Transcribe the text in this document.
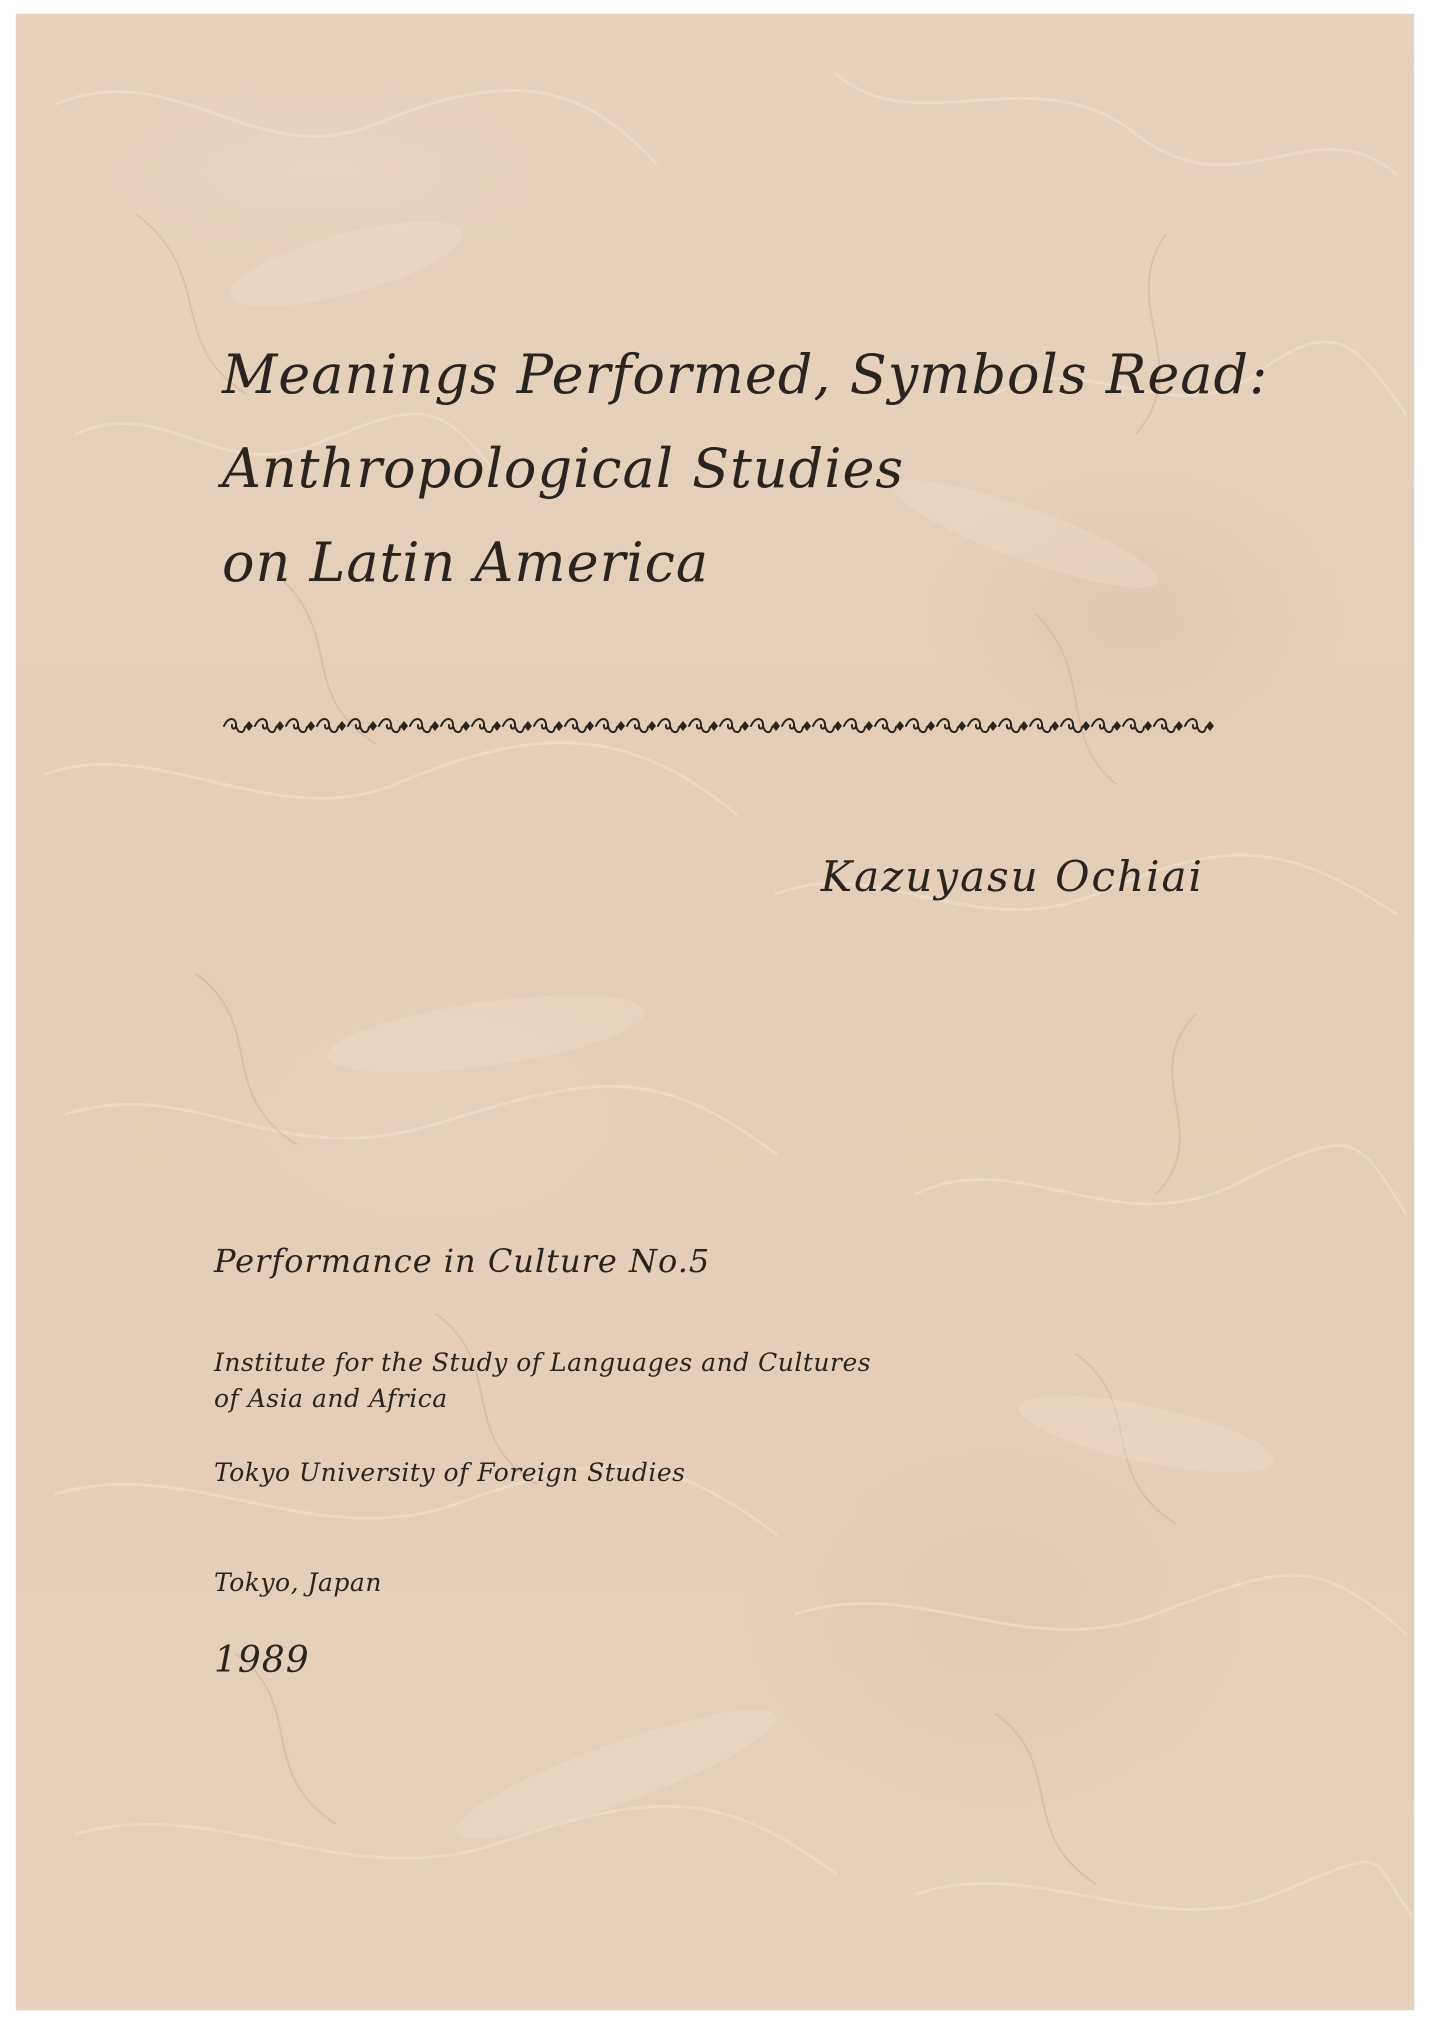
Meanings Performed, Symbols Read:
Anthropological Studies
on Latin America
Kazuyasu Ochiai
Performance in Culture No.5
Institute for the Study of Languages and Cultures
of Asia and Africa
Tokyo University of Foreign Studies
Tokyo, Japan
1989
